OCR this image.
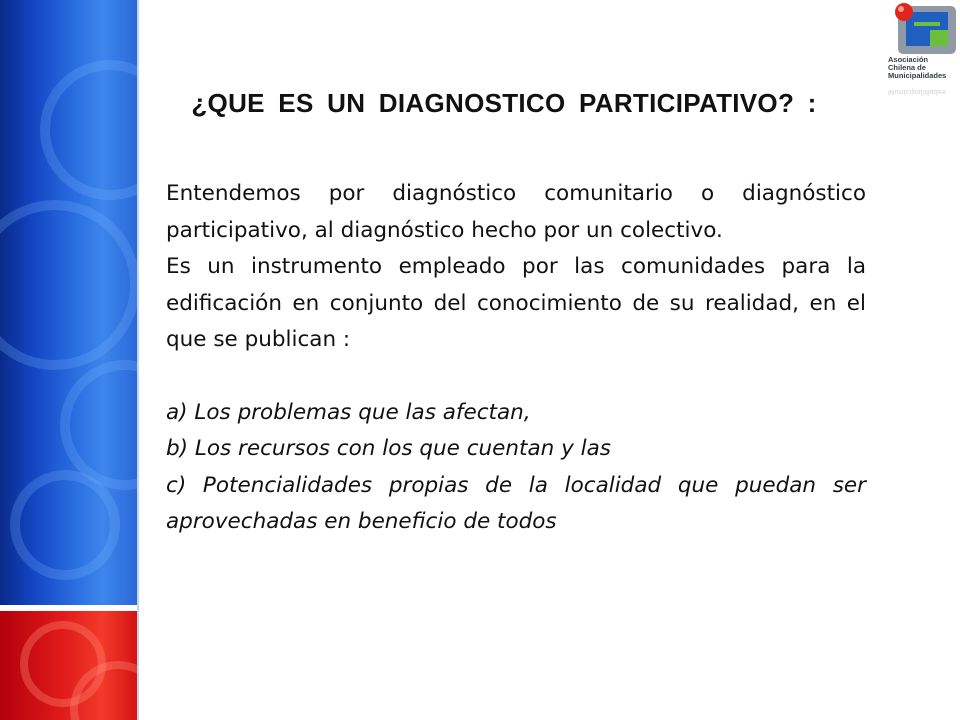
Asociación
Chilena de
Municipalidades
Municipalidades
¿QUE ES UN DIAGNOSTICO PARTICIPATIVO? :

Entendemos por diagnóstico comunitario o diagnóstico participativo, al diagnóstico hecho por un colectivo.

Es un instrumento empleado por las comunidades para la edificación en conjunto del conocimiento de su realidad, en el que se publican :

a) Los problemas que las afectan,

b) Los recursos con los que cuentan y las

c) Potencialidades propias de la localidad que puedan ser aprovechadas en beneficio de todos
